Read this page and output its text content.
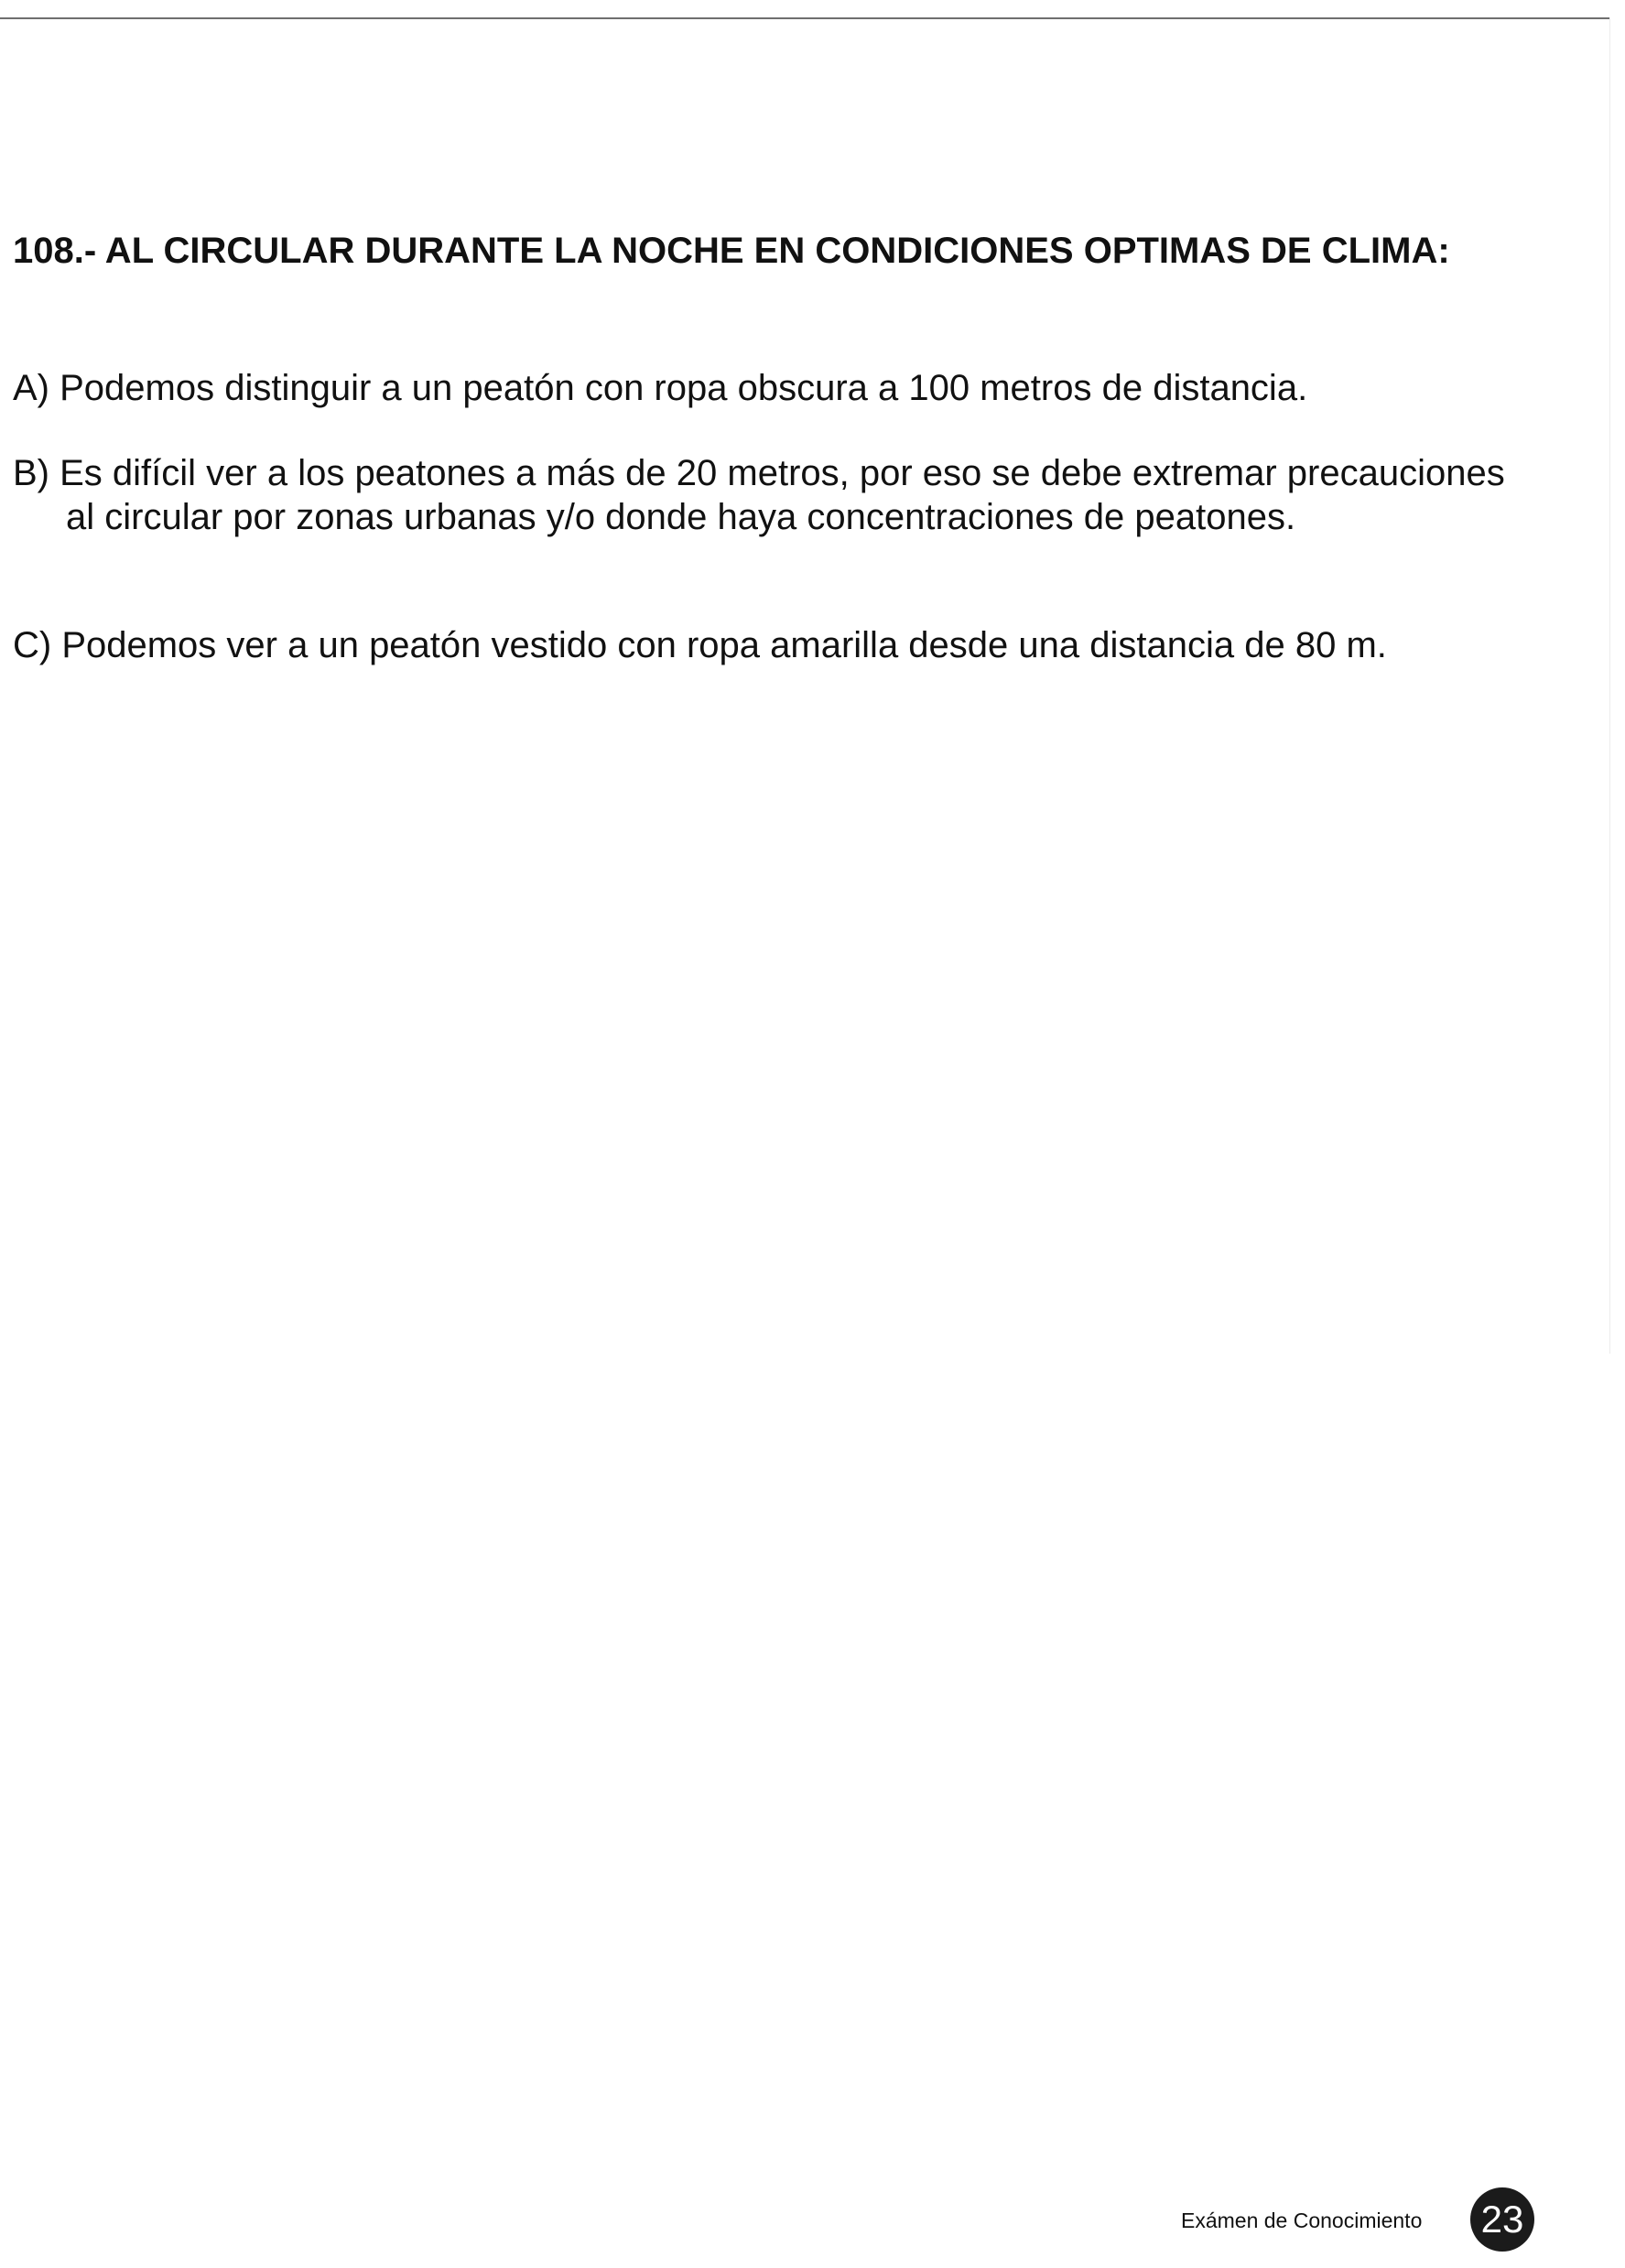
108.- AL CIRCULAR DURANTE LA NOCHE EN CONDICIONES OPTIMAS DE CLIMA:

A) Podemos distinguir a un peatón con ropa obscura a 100 metros de distancia.

B) Es difícil ver a los peatones a más de 20 metros, por eso se debe extremar precauciones al circular por zonas urbanas y/o donde haya concentraciones de peatones.

C) Podemos ver a un peatón vestido con ropa amarilla desde una distancia de 80 m.

Exámen de Conocimiento 23
